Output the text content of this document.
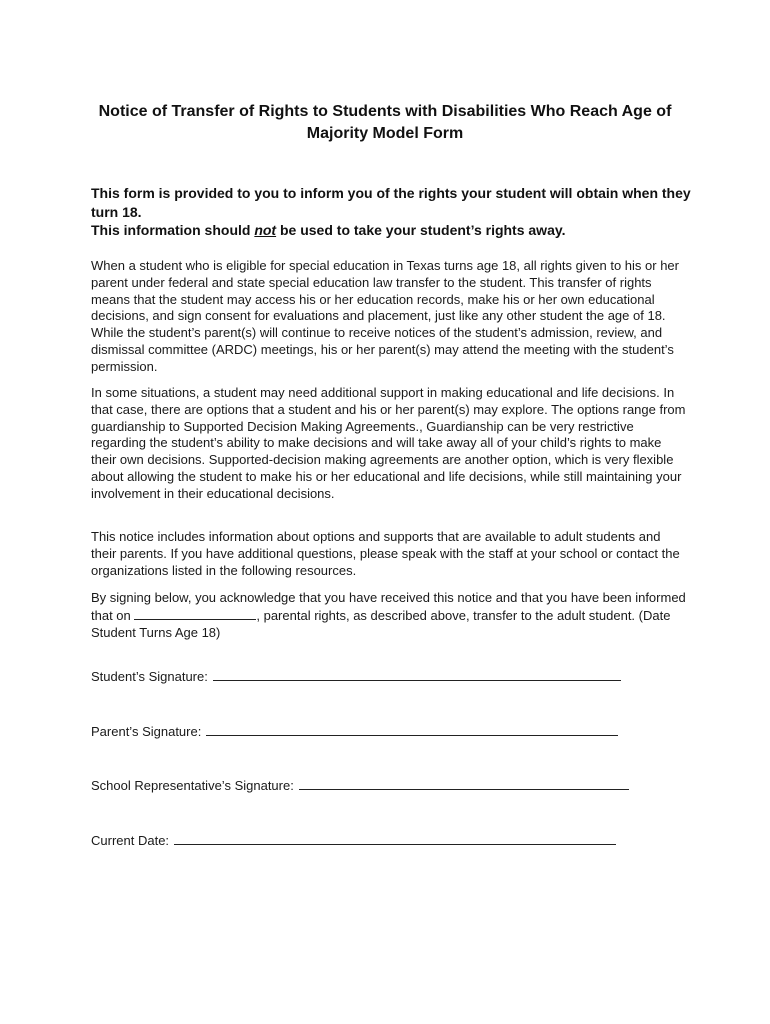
Notice of Transfer of Rights to Students with Disabilities Who Reach Age of Majority Model Form
This form is provided to you to inform you of the rights your student will obtain when they turn 18.
This information should not be used to take your student’s rights away.

When a student who is eligible for special education in Texas turns age 18, all rights given to his or her parent under federal and state special education law transfer to the student. This transfer of rights means that the student may access his or her education records, make his or her own educational decisions, and sign consent for evaluations and placement, just like any other student the age of 18. While the student’s parent(s) will continue to receive notices of the student’s admission, review, and dismissal committee (ARDC) meetings, his or her parent(s) may attend the meeting with the student’s permission.

In some situations, a student may need additional support in making educational and life decisions. In that case, there are options that a student and his or her parent(s) may explore. The options range from guardianship to Supported Decision Making Agreements., Guardianship can be very restrictive regarding the student’s ability to make decisions and will take away all of your child’s rights to make their own decisions. Supported-decision making agreements are another option, which is very flexible about allowing the student to make his or her educational and life decisions, while still maintaining your involvement in their educational decisions.

This notice includes information about options and supports that are available to adult students and their parents. If you have additional questions, please speak with the staff at your school or contact the organizations listed in the following resources.

By signing below, you acknowledge that you have received this notice and that you have been informed that on	, parental rights, as described above, transfer to the adult student. (Date Student Turns Age 18)

Student’s Signature:
Parent’s Signature:
School Representative’s Signature:
Current Date:
